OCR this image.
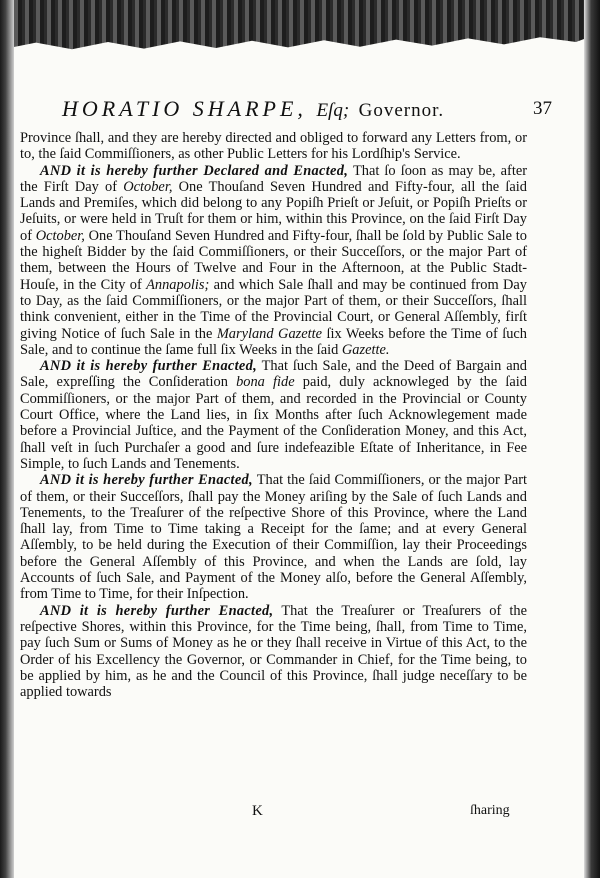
HORATIO SHARPE, Eſq; Governor.	37

Province ſhall, and they are hereby directed and obliged to forward any Letters from, or to, the ſaid Commiſſioners, as other Public Letters for his Lordſhip's Service.

AND it is hereby further Declared and Enacted, That ſo ſoon as may be, after the Firſt Day of October, One Thouſand Seven Hundred and Fifty-four, all the ſaid Lands and Premiſes, which did belong to any Popiſh Prieſt or Jeſuit, or Popiſh Prieſts or Jeſuits, or were held in Truſt for them or him, within this Province, on the ſaid Firſt Day of October, One Thouſand Seven Hundred and Fifty-four, ſhall be ſold by Public Sale to the higheſt Bidder by the ſaid Commiſſioners, or their Succeſſors, or the major Part of them, between the Hours of Twelve and Four in the Afternoon, at the Public Stadt-Houſe, in the City of Annapolis; and which Sale ſhall and may be continued from Day to Day, as the ſaid Commiſſioners, or the major Part of them, or their Succeſſors, ſhall think convenient, either in the Time of the Provincial Court, or General Aſſembly, firſt giving Notice of ſuch Sale in the Maryland Gazette ſix Weeks before the Time of ſuch Sale, and to continue the ſame full ſix Weeks in the ſaid Gazette.

AND it is hereby further Enacted, That ſuch Sale, and the Deed of Bargain and Sale, expreſſing the Conſideration bona fide paid, duly acknowleged by the ſaid Commiſſioners, or the major Part of them, and recorded in the Provincial or County Court Office, where the Land lies, in ſix Months after ſuch Acknowlegement made before a Provincial Juſtice, and the Payment of the Conſideration Money, and this Act, ſhall veſt in ſuch Purchaſer a good and ſure indefeazible Eſtate of Inheritance, in Fee Simple, to ſuch Lands and Tenements.

AND it is hereby further Enacted, That the ſaid Commiſſioners, or the major Part of them, or their Succeſſors, ſhall pay the Money ariſing by the Sale of ſuch Lands and Tenements, to the Treaſurer of the reſpective Shore of this Province, where the Land ſhall lay, from Time to Time taking a Receipt for the ſame; and at every General Aſſembly, to be held during the Execution of their Commiſſion, lay their Proceedings before the General Aſſembly of this Province, and when the Lands are ſold, lay Accounts of ſuch Sale, and Payment of the Money alſo, before the General Aſſembly, from Time to Time, for their Inſpection.

AND it is hereby further Enacted, That the Treaſurer or Treaſurers of the reſpective Shores, within this Province, for the Time being, ſhall, from Time to Time, pay ſuch Sum or Sums of Money as he or they ſhall receive in Virtue of this Act, to the Order of his Excellency the Governor, or Commander in Chief, for the Time being, to be applied by him, as he and the Council of this Province, ſhall judge neceſſary to be applied towards

K	ſharing
